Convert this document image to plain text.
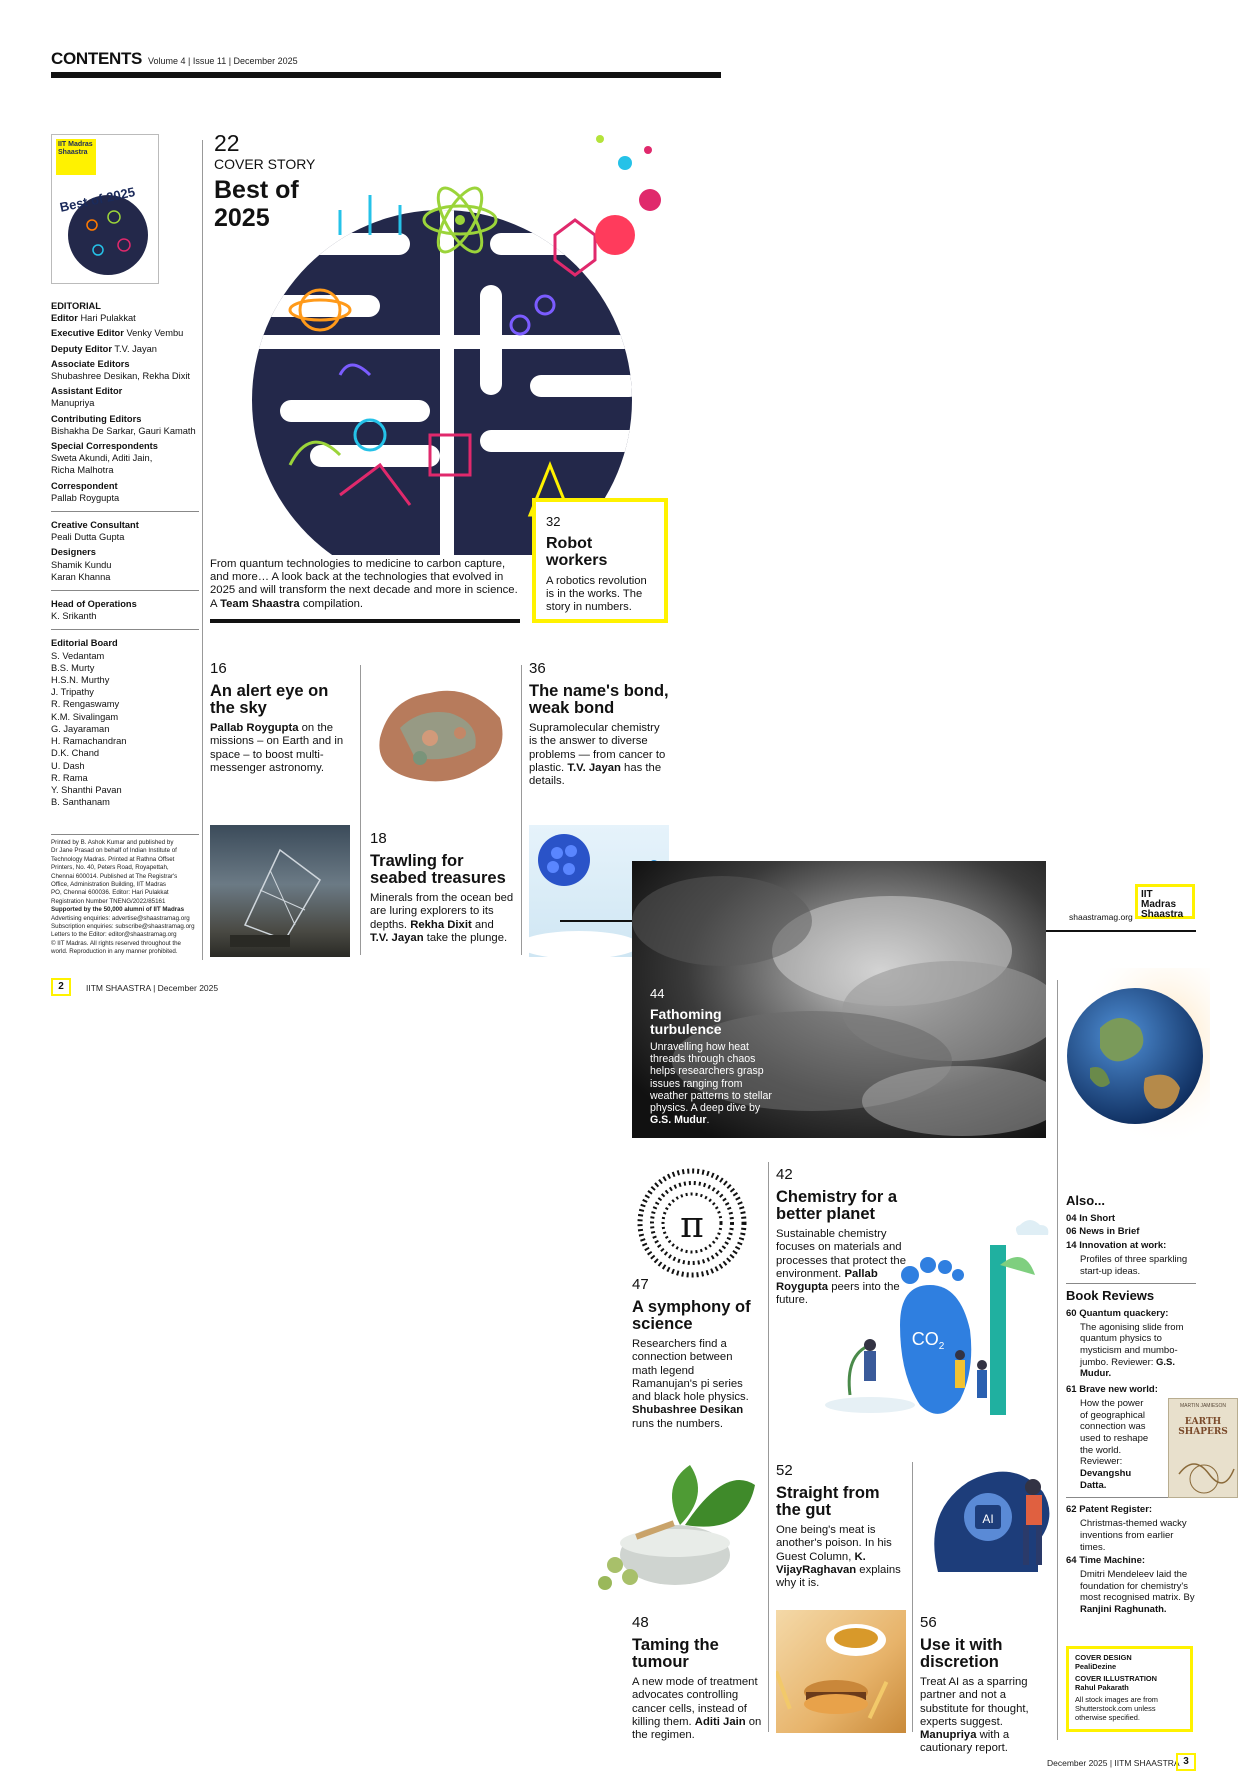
CONTENTS Volume 4 | Issue 11 | December 2025
IIT Madras Shaastra
Best of 2025
EDITORIAL
Editor Hari Pulakkat
Executive Editor Venky Vembu
Deputy Editor T.V. Jayan
Associate Editors
Shubashree Desikan, Rekha Dixit
Assistant Editor
Manupriya
Contributing Editors
Bishakha De Sarkar, Gauri Kamath
Special Correspondents
Sweta Akundi, Aditi Jain,
Richa Malhotra
Correspondent
Pallab Roygupta
Creative Consultant
Peali Dutta Gupta
Designers
Shamik Kundu
Karan Khanna
Head of Operations
K. Srikanth
Editorial Board
S. Vedantam
B.S. Murty
H.S.N. Murthy
J. Tripathy
R. Rengaswamy
K.M. Sivalingam
G. Jayaraman
H. Ramachandran
D.K. Chand
U. Dash
R. Rama
Y. Shanthi Pavan
B. Santhanam
Printed by B. Ashok Kumar and published by
Dr Jane Prasad on behalf of Indian Institute of
Technology Madras. Printed at Rathna Offset
Printers, No. 40, Peters Road, Royapettah,
Chennai 600014. Published at The Registrar's
Office, Administration Building, IIT Madras
PO, Chennai 600036. Editor: Hari Pulakkat
Registration Number TNENG/2022/85161
Supported by the 50,000 alumni of IIT Madras
Advertising enquiries: advertise@shaastramag.org
Subscription enquiries: subscribe@shaastramag.org
Letters to the Editor: editor@shaastramag.org
© IIT Madras. All rights reserved throughout the
world. Reproduction in any manner prohibited.
2	IITM SHAASTRA | December 2025
22
COVER STORY
Best of
2025
From quantum technologies to medicine to carbon capture, and more… A look back at the technologies that evolved in 2025 and will transform the next decade and more in science. A Team Shaastra compilation.
32
Robot workers
A robotics revolution is in the works. The story in numbers.
16
An alert eye on the sky
Pallab Roygupta on the missions – on Earth and in space – to boost multi-messenger astronomy.
36
The name's bond, weak bond
Supramolecular chemistry is the answer to diverse problems — from cancer to plastic. T.V. Jayan has the details.
18
Trawling for seabed treasures
Minerals from the ocean bed are luring explorers to its depths. Rekha Dixit and T.V. Jayan take the plunge.
44
Fathoming turbulence
Unravelling how heat threads through chaos helps researchers grasp issues ranging from weather patterns to stellar physics. A deep dive by G.S. Mudur.
shaastramag.org
IIT Madras Shaastra
π
47
A symphony of science
Researchers find a connection between math legend Ramanujan's pi series and black hole physics. Shubashree Desikan runs the numbers.
42
Chemistry for a better planet
Sustainable chemistry focuses on materials and processes that protect the environment. Pallab Roygupta peers into the future.
$CO_2$
52
Straight from the gut
One being's meat is another's poison. In his Guest Column, K. VijayRaghavan explains why it is.
AI
48
Taming the tumour
A new mode of treatment advocates controlling cancer cells, instead of killing them. Aditi Jain on the regimen.
56
Use it with discretion
Treat AI as a sparring partner and not a substitute for thought, experts suggest. Manupriya with a cautionary report.
Also...
04 In Short
06 News in Brief
14 Innovation at work:
Profiles of three sparkling start-up ideas.
Book Reviews
60 Quantum quackery:
The agonising slide from quantum physics to mysticism and mumbo-jumbo. Reviewer: G.S. Mudur.
61 Brave new world:
How the power of geographical connection was used to reshape the world. Reviewer: Devangshu Datta.
62 Patent Register:
Christmas-themed wacky inventions from earlier times.
64 Time Machine:
Dmitri Mendeleev laid the foundation for chemistry's most recognised matrix. By Ranjini Raghunath.
MARTIN JAMIESON
EARTH SHAPERS
COVER DESIGN
PealiDezine
COVER ILLUSTRATION
Rahul Pakarath
All stock images are from Shutterstock.com unless otherwise specified.
December 2025 | IITM SHAASTRA 3
